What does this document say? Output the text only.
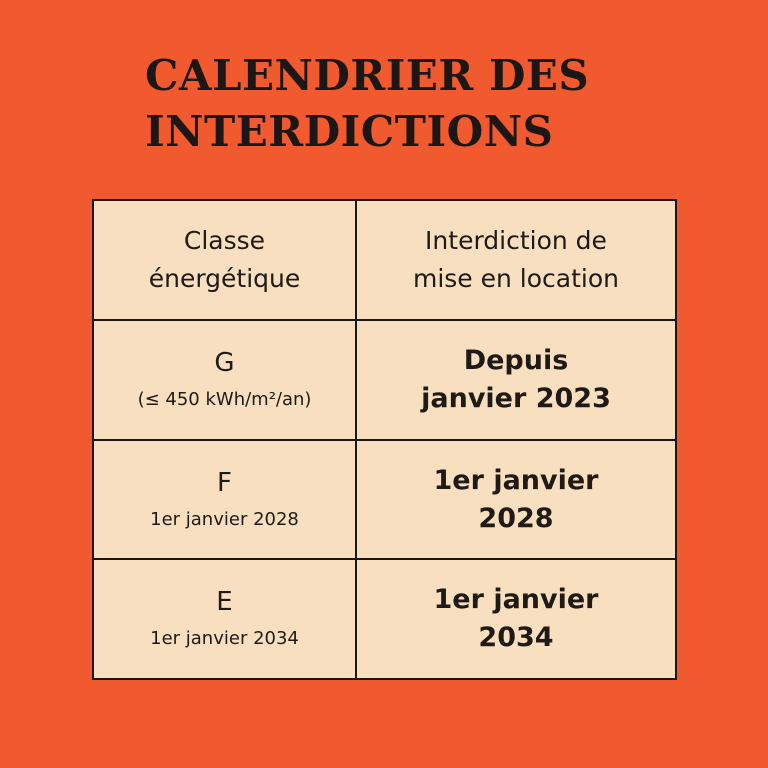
CALENDRIER DES
INTERDICTIONS
Classe
énergétique
Interdiction de
mise en location
G
(≤ 450 kWh/m²/an)
Depuis
janvier 2023
F
1er janvier 2028
1er janvier
2028
E
1er janvier 2034
1er janvier
2034
